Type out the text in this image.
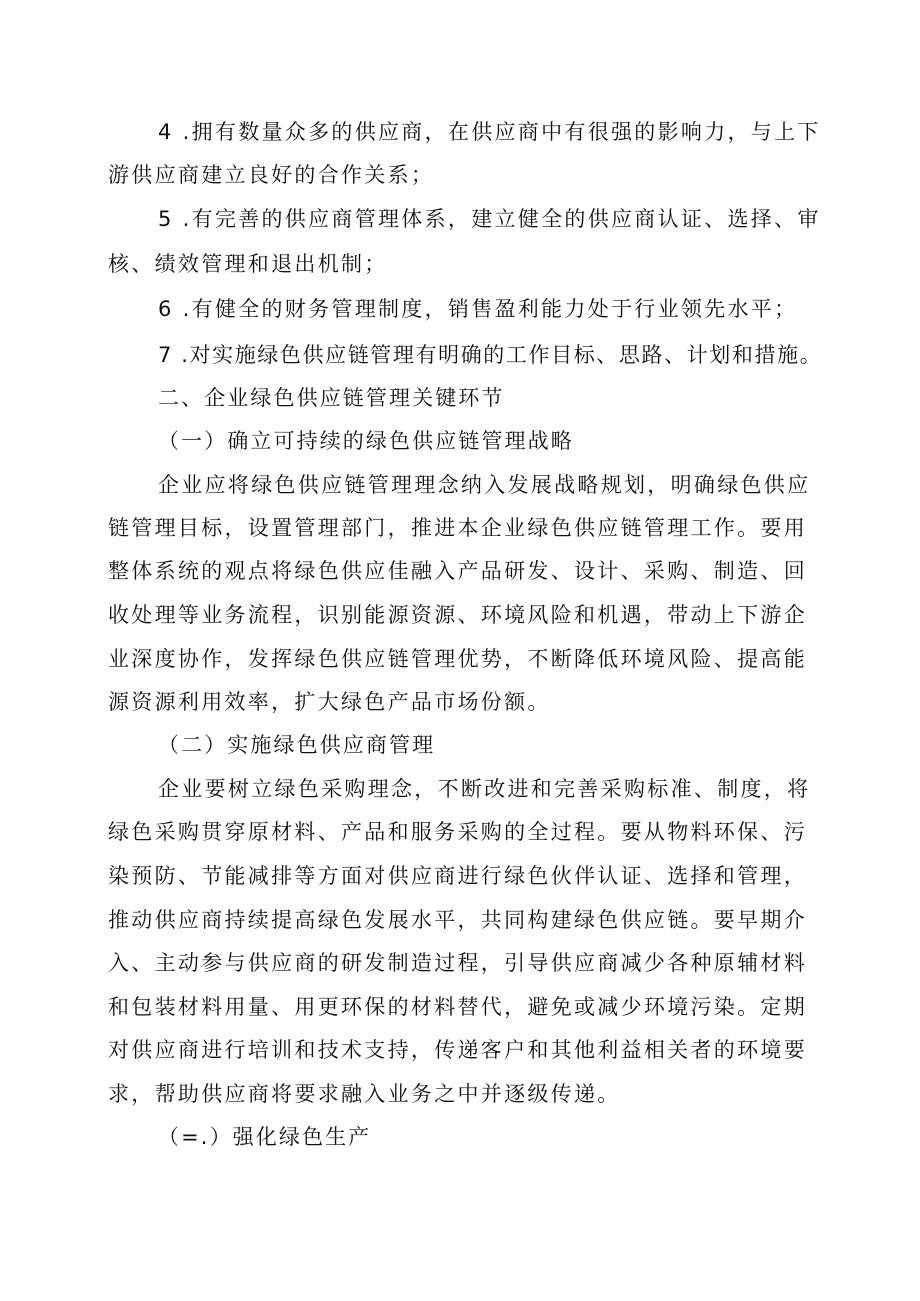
4 .拥有数量众多的供应商，在供应商中有很强的影响力，与上下
游供应商建立良好的合作关系；
5 .有完善的供应商管理体系，建立健全的供应商认证、选择、审
核、绩效管理和退出机制；
6 .有健全的财务管理制度，销售盈利能力处于行业领先水平；
7 .对实施绿色供应链管理有明确的工作目标、思路、计划和措施。
二、企业绿色供应链管理关键环节
（一）确立可持续的绿色供应链管理战略
企业应将绿色供应链管理理念纳入发展战略规划，明确绿色供应
链管理目标，设置管理部门，推进本企业绿色供应链管理工作。要用
整体系统的观点将绿色供应佳融入产品研发、设计、采购、制造、回
收处理等业务流程，识别能源资源、环境风险和机遇，带动上下游企
业深度协作，发挥绿色供应链管理优势，不断降低环境风险、提高能
源资源利用效率，扩大绿色产品市场份额。
（二）实施绿色供应商管理
企业要树立绿色采购理念，不断改进和完善采购标准、制度，将
绿色采购贯穿原材料、产品和服务采购的全过程。要从物料环保、污
染预防、节能减排等方面对供应商进行绿色伙伴认证、选择和管理，
推动供应商持续提高绿色发展水平，共同构建绿色供应链。要早期介
入、主动参与供应商的研发制造过程，引导供应商减少各种原辅材料
和包装材料用量、用更环保的材料替代，避免或减少环境污染。定期
对供应商进行培训和技术支持，传递客户和其他利益相关者的环境要
求，帮助供应商将要求融入业务之中并逐级传递。
（=.）强化绿色生产
